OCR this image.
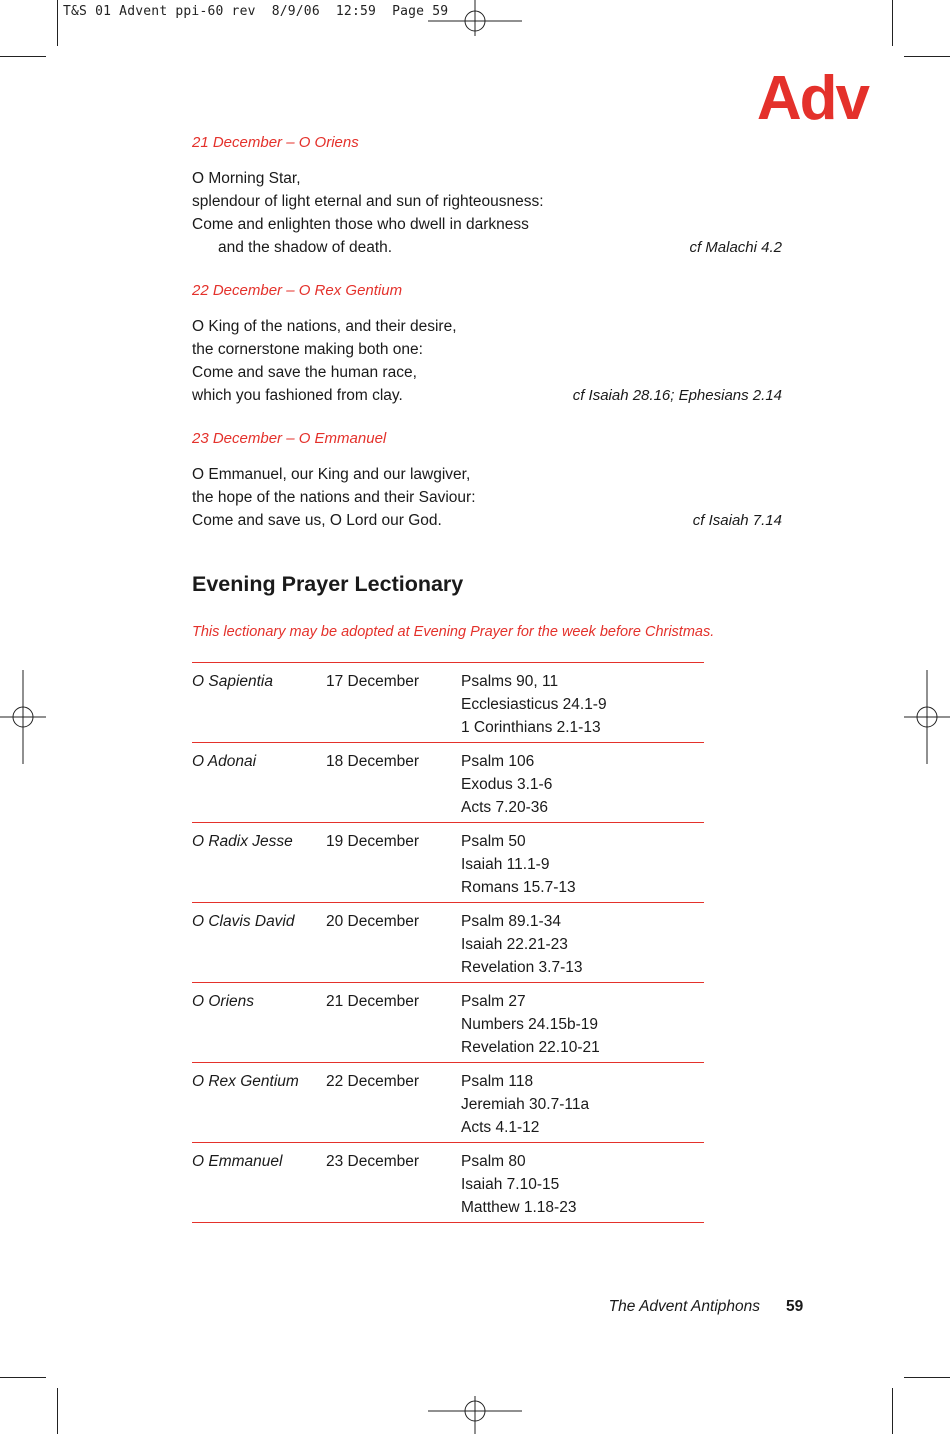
T&S 01 Advent ppi-60 rev  8/9/06  12:59  Page 59
Adv
21 December – O Oriens
O Morning Star,
splendour of light eternal and sun of righteousness:
Come and enlighten those who dwell in darkness
and the shadow of death.	cf Malachi 4.2
22 December – O Rex Gentium
O King of the nations, and their desire,
the cornerstone making both one:
Come and save the human race,
which you fashioned from clay.	cf Isaiah 28.16; Ephesians 2.14
23 December – O Emmanuel
O Emmanuel, our King and our lawgiver,
the hope of the nations and their Saviour:
Come and save us, O Lord our God.	cf Isaiah 7.14
Evening Prayer Lectionary
This lectionary may be adopted at Evening Prayer for the week before Christmas.
O Sapientia	17 December	Psalms 90, 11
Ecclesiasticus 24.1-9
1 Corinthians 2.1-13
O Adonai	18 December	Psalm 106
Exodus 3.1-6
Acts 7.20-36
O Radix Jesse 19 December	Psalm 50
Isaiah 11.1-9
Romans 15.7-13
O Clavis David 20 December	Psalm 89.1-34
Isaiah 22.21-23
Revelation 3.7-13
O Oriens	21 December	Psalm 27
Numbers 24.15b-19
Revelation 22.10-21
O Rex Gentium 22 December	Psalm 118
Jeremiah 30.7-11a
Acts 4.1-12
O Emmanuel	23 December	Psalm 80
Isaiah 7.10-15
Matthew 1.18-23
The Advent Antiphons 59
